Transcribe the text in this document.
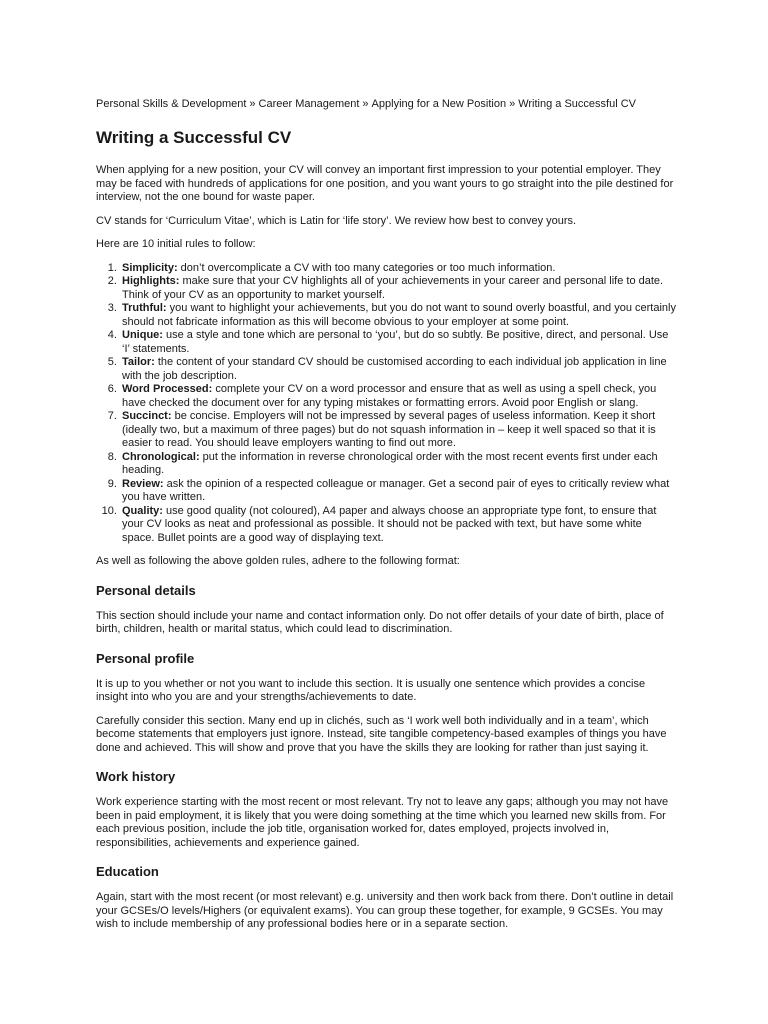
Personal Skills & Development » Career Management » Applying for a New Position » Writing a Successful CV

Writing a Successful CV

When applying for a new position, your CV will convey an important first impression to your potential employer. They may be faced with hundreds of applications for one position, and you want yours to go straight into the pile destined for interview, not the one bound for waste paper.

CV stands for ‘Curriculum Vitae’, which is Latin for ‘life story’. We review how best to convey yours.

Here are 10 initial rules to follow:

1. Simplicity: don’t overcomplicate a CV with too many categories or too much information.
2. Highlights: make sure that your CV highlights all of your achievements in your career and personal life to date. Think of your CV as an opportunity to market yourself.
3. Truthful: you want to highlight your achievements, but you do not want to sound overly boastful, and you certainly should not fabricate information as this will become obvious to your employer at some point.
4. Unique: use a style and tone which are personal to ‘you’, but do so subtly. Be positive, direct, and personal. Use ‘I’ statements.
5. Tailor: the content of your standard CV should be customised according to each individual job application in line with the job description.
6. Word Processed: complete your CV on a word processor and ensure that as well as using a spell check, you have checked the document over for any typing mistakes or formatting errors. Avoid poor English or slang.
7. Succinct: be concise. Employers will not be impressed by several pages of useless information. Keep it short (ideally two, but a maximum of three pages) but do not squash information in – keep it well spaced so that it is easier to read. You should leave employers wanting to find out more.
8. Chronological: put the information in reverse chronological order with the most recent events first under each heading.
9. Review: ask the opinion of a respected colleague or manager. Get a second pair of eyes to critically review what you have written.
10. Quality: use good quality (not coloured), A4 paper and always choose an appropriate type font, to ensure that your CV looks as neat and professional as possible. It should not be packed with text, but have some white space. Bullet points are a good way of displaying text.

As well as following the above golden rules, adhere to the following format:

Personal details

This section should include your name and contact information only. Do not offer details of your date of birth, place of birth, children, health or marital status, which could lead to discrimination.

Personal profile

It is up to you whether or not you want to include this section. It is usually one sentence which provides a concise insight into who you are and your strengths/achievements to date.

Carefully consider this section. Many end up in clichés, such as ‘I work well both individually and in a team’, which become statements that employers just ignore. Instead, site tangible competency-based examples of things you have done and achieved. This will show and prove that you have the skills they are looking for rather than just saying it.

Work history

Work experience starting with the most recent or most relevant. Try not to leave any gaps; although you may not have been in paid employment, it is likely that you were doing something at the time which you learned new skills from. For each previous position, include the job title, organisation worked for, dates employed, projects involved in, responsibilities, achievements and experience gained.

Education

Again, start with the most recent (or most relevant) e.g. university and then work back from there. Don’t outline in detail your GCSEs/O levels/Highers (or equivalent exams). You can group these together, for example, 9 GCSEs. You may wish to include membership of any professional bodies here or in a separate section.
